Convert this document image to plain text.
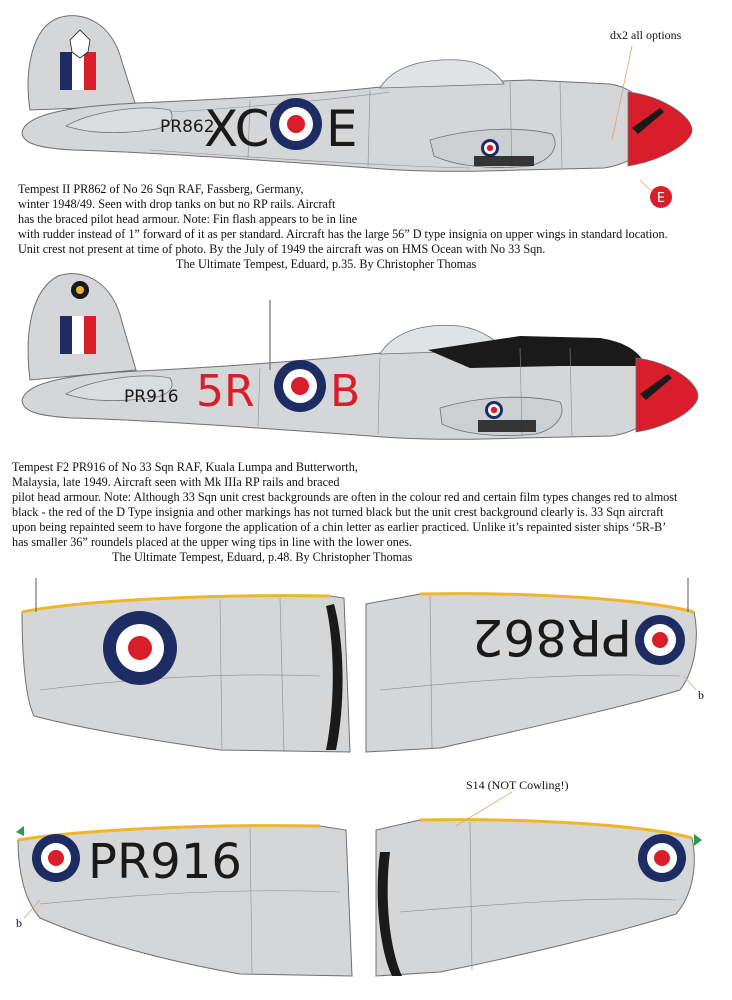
PR862
XC E
E
PR916 5R B
PR862
PR916
dx2 all options

Tempest II PR862 of No 26 Sqn RAF, Fassberg, Germany,

winter 1948/49. Seen with drop tanks on but no RP rails. Aircraft

has the braced pilot head armour. Note: Fin flash appears to be in line

with rudder instead of 1” forward of it as per standard. Aircraft has the large 56” D type insignia on upper wings in standard location.

Unit crest not present at time of photo. By the July of 1949 the aircraft was on HMS Ocean with No 33 Sqn.

The Ultimate Tempest, Eduard, p.35. By Christopher Thomas

Tempest F2 PR916 of No 33 Sqn RAF, Kuala Lumpa and Butterworth,

Malaysia, late 1949. Aircraft seen with Mk IIIa RP rails and braced

pilot head armour. Note: Although 33 Sqn unit crest backgrounds are often in the colour red and certain film types changes red to almost

black - the red of the D Type insignia and other markings has not turned black but the unit crest background clearly is. 33 Sqn aircraft

upon being repainted seem to have forgone the application of a chin letter as earlier practiced. Unlike it’s repainted sister ships ‘5R-B’

has smaller 36” roundels placed at the upper wing tips in line with the lower ones.

The Ultimate Tempest, Eduard, p.48. By Christopher Thomas

b
S14 (NOT Cowling!)
b
